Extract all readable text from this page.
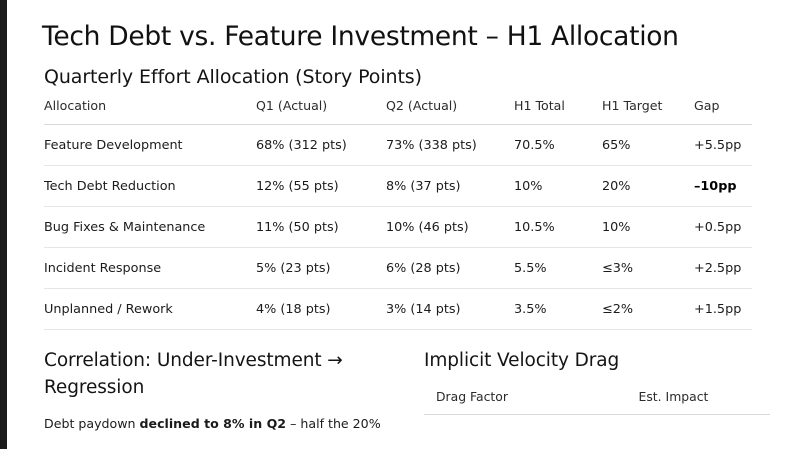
Tech Debt vs. Feature Investment – H1 Allocation
Quarterly Effort Allocation (Story Points)
Allocation	Q1 (Actual)	Q2 (Actual)	H1 Total	H1 Target	Gap
Feature Development	68% (312 pts)	73% (338 pts)	70.5%	65%	+5.5pp
Tech Debt Reduction	12% (55 pts)	8% (37 pts)	10%	20%	–10pp
Bug Fixes & Maintenance	11% (50 pts)	10% (46 pts)	10.5%	10%	+0.5pp
Incident Response	5% (23 pts)	6% (28 pts)	5.5%	≤3%	+2.5pp
Unplanned / Rework	4% (18 pts)	3% (14 pts)	3.5%	≤2%	+1.5pp
Correlation: Under-Investment → Regression

Debt paydown declined to 8% in Q2 – half the 20%

Implicit Velocity Drag
Drag Factor	Est. Impact
